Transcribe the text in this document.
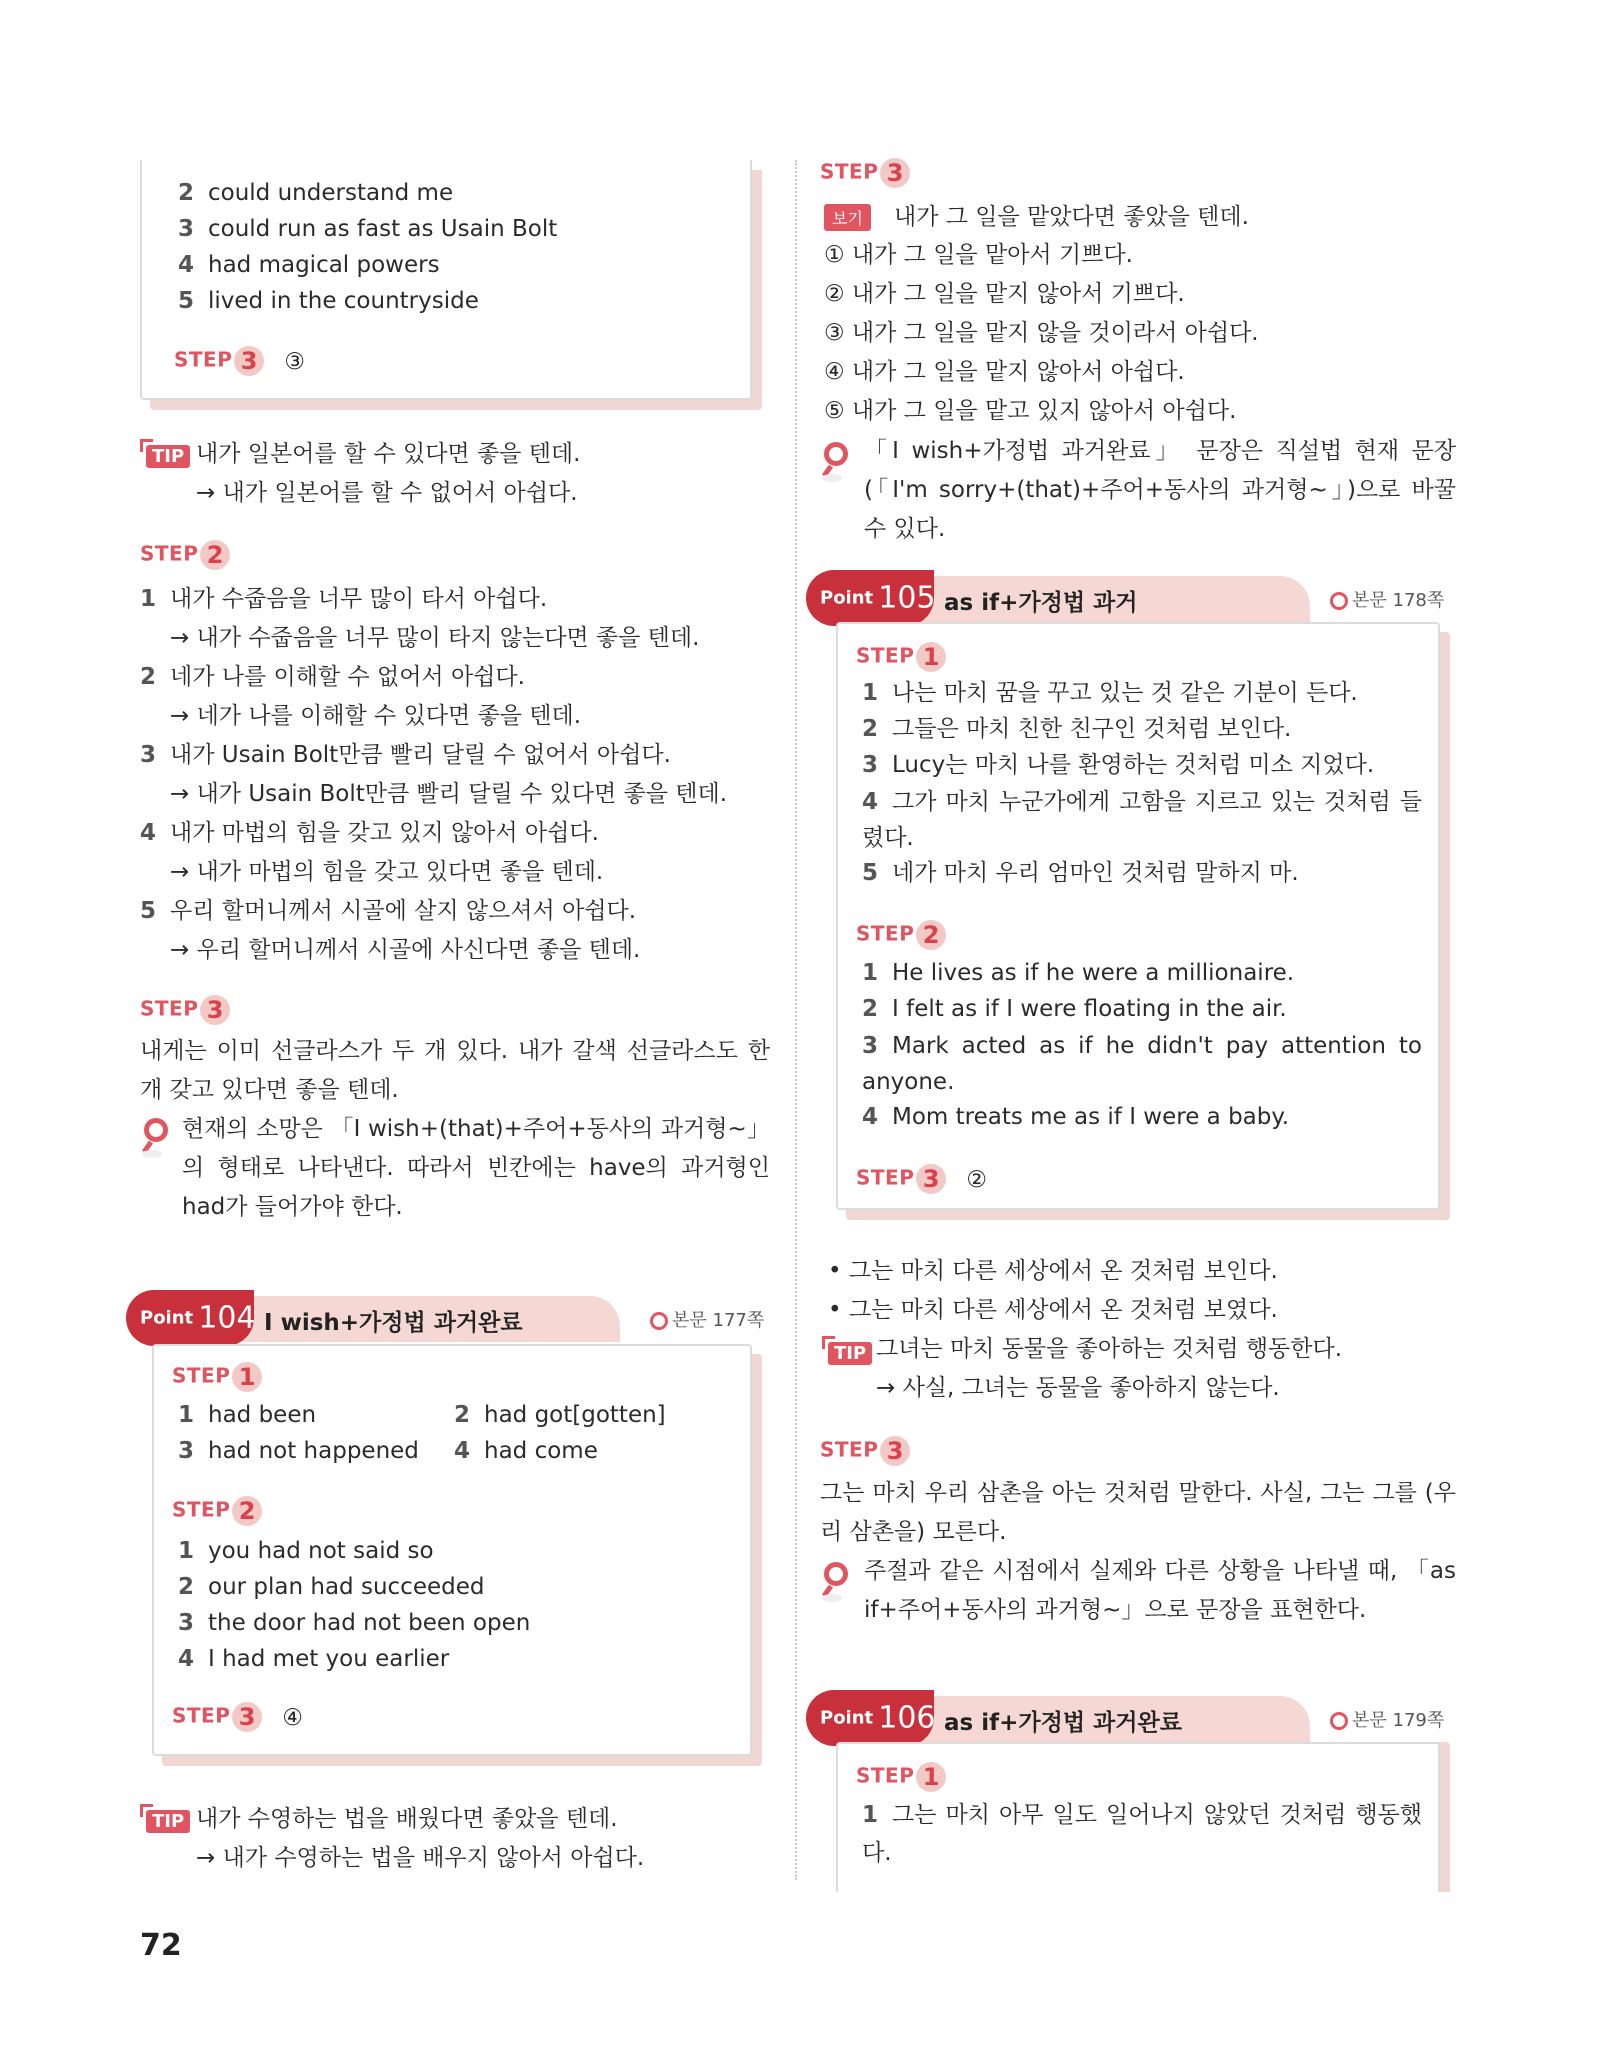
2 could understand me
3 could run as fast as Usain Bolt
4 had magical powers
5 lived in the countryside
STEP 3 ③
TIP 내가 일본어를 할 수 있다면 좋을 텐데.
→ 내가 일본어를 할 수 없어서 아쉽다.
STEP 2
1 내가 수줍음을 너무 많이 타서 아쉽다.
→ 내가 수줍음을 너무 많이 타지 않는다면 좋을 텐데.
2 네가 나를 이해할 수 없어서 아쉽다.
→ 네가 나를 이해할 수 있다면 좋을 텐데.
3 내가 Usain Bolt만큼 빨리 달릴 수 없어서 아쉽다.
→ 내가 Usain Bolt만큼 빨리 달릴 수 있다면 좋을 텐데.
4 내가 마법의 힘을 갖고 있지 않아서 아쉽다.
→ 내가 마법의 힘을 갖고 있다면 좋을 텐데.
5 우리 할머니께서 시골에 살지 않으셔서 아쉽다.
→ 우리 할머니께서 시골에 사신다면 좋을 텐데.
STEP 3
내게는 이미 선글라스가 두 개 있다. 내가 갈색 선글라스도 한 개 갖고 있다면 좋을 텐데.
현재의 소망은 「I wish+(that)+주어+동사의 과거형~」의 형태로 나타낸다. 따라서 빈칸에는 have의 과거형인 had가 들어가야 한다.
Point 104 I wish+가정법 과거완료	본문 177쪽
STEP 1
1 had been	2 had got[gotten]
3 had not happened 4 had come
STEP 2
1 you had not said so
2 our plan had succeeded
3 the door had not been open
4 I had met you earlier
STEP 3 ④
TIP 내가 수영하는 법을 배웠다면 좋았을 텐데.
→ 내가 수영하는 법을 배우지 않아서 아쉽다.
STEP 3
보기	내가 그 일을 맡았다면 좋았을 텐데.
① 내가 그 일을 맡아서 기쁘다.
② 내가 그 일을 맡지 않아서 기쁘다.
③ 내가 그 일을 맡지 않을 것이라서 아쉽다.
④ 내가 그 일을 맡지 않아서 아쉽다.
⑤ 내가 그 일을 맡고 있지 않아서 아쉽다.
「I wish+가정법 과거완료」 문장은 직설법 현재 문장(「I'm sorry+(that)+주어+동사의 과거형~」)으로 바꿀 수 있다.
Point 105 as if+가정법 과거	본문 178쪽
STEP 1
1 나는 마치 꿈을 꾸고 있는 것 같은 기분이 든다.
2 그들은 마치 친한 친구인 것처럼 보인다.
3 Lucy는 마치 나를 환영하는 것처럼 미소 지었다.
4 그가 마치 누군가에게 고함을 지르고 있는 것처럼 들렸다.
5 네가 마치 우리 엄마인 것처럼 말하지 마.
STEP 2
1 He lives as if he were a millionaire.
2 I felt as if I were floating in the air.
3 Mark acted as if he didn't pay attention to anyone.
4 Mom treats me as if I were a baby.
STEP 3 ②
• 그는 마치 다른 세상에서 온 것처럼 보인다.
• 그는 마치 다른 세상에서 온 것처럼 보였다.
TIP 그녀는 마치 동물을 좋아하는 것처럼 행동한다.
→ 사실, 그녀는 동물을 좋아하지 않는다.
STEP 3
그는 마치 우리 삼촌을 아는 것처럼 말한다. 사실, 그는 그를 (우리 삼촌을) 모른다.
주절과 같은 시점에서 실제와 다른 상황을 나타낼 때, 「as if+주어+동사의 과거형~」으로 문장을 표현한다.
Point 106 as if+가정법 과거완료	본문 179쪽
STEP 1
1 그는 마치 아무 일도 일어나지 않았던 것처럼 행동했다.
72
